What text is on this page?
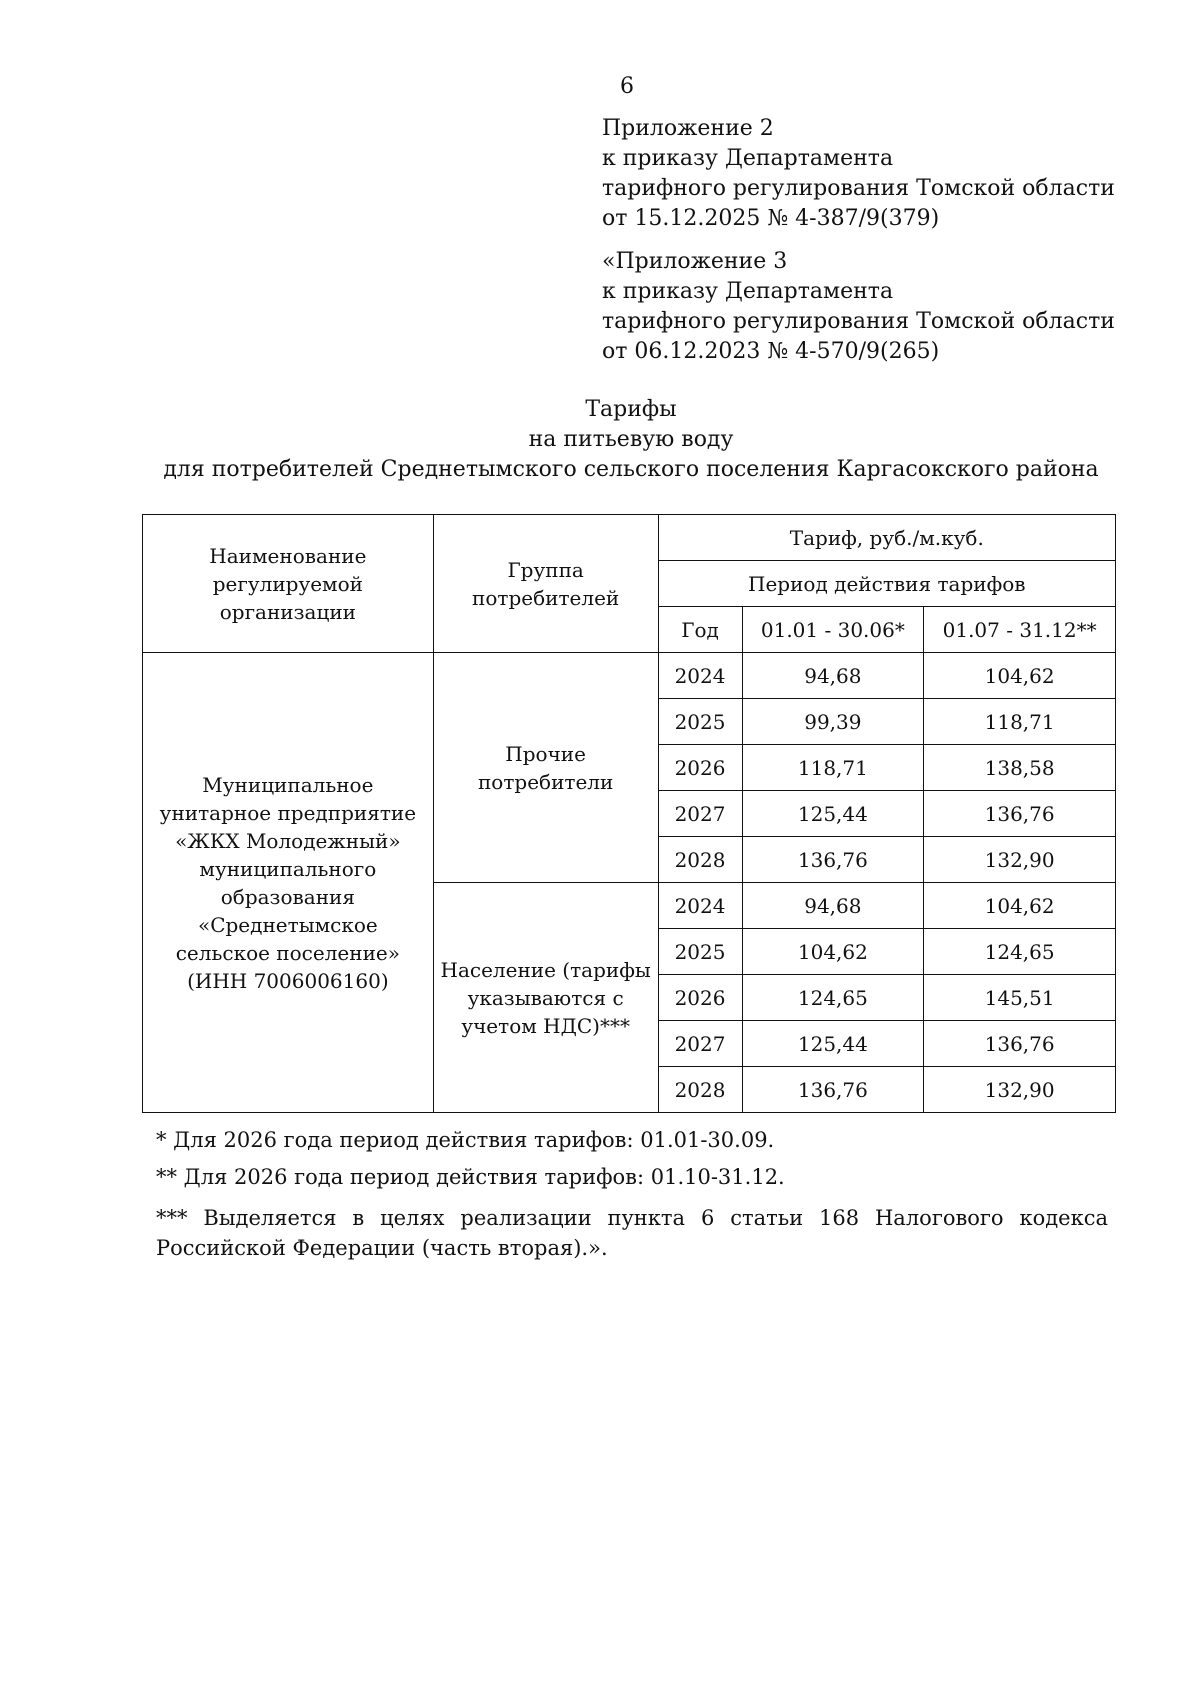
6
Приложение 2
к приказу Департамента
тарифного регулирования Томской области
от 15.12.2025 № 4-387/9(379)
«Приложение 3
к приказу Департамента
тарифного регулирования Томской области
от 06.12.2023 № 4-570/9(265)
Тарифы
на питьевую воду
для потребителей Среднетымского сельского поселения Каргасокского района
Наименование регулируемой организации	Группа потребителей	Тариф, руб./м.куб.		
		Период действия тарифов		
		Год	01.01 - 30.06*	01.07 - 31.12**
Муниципальное унитарное предприятие «ЖКХ Молодежный» муниципального образования «Среднетымское сельское поселение» (ИНН 7006006160)	Прочие потребители	2024	94,68	104,62
		2025	99,39	118,71
		2026	118,71	138,58
		2027	125,44	136,76
		2028	136,76	132,90
	Население (тарифы указываются с учетом НДС)***	2024	94,68	104,62
		2025	104,62	124,65
		2026	124,65	145,51
		2027	125,44	136,76
		2028	136,76	132,90
* Для 2026 года период действия тарифов: 01.01-30.09.
** Для 2026 года период действия тарифов: 01.10-31.12.
*** Выделяется в целях реализации пункта 6 статьи 168 Налогового кодекса Российской Федерации (часть вторая).».
